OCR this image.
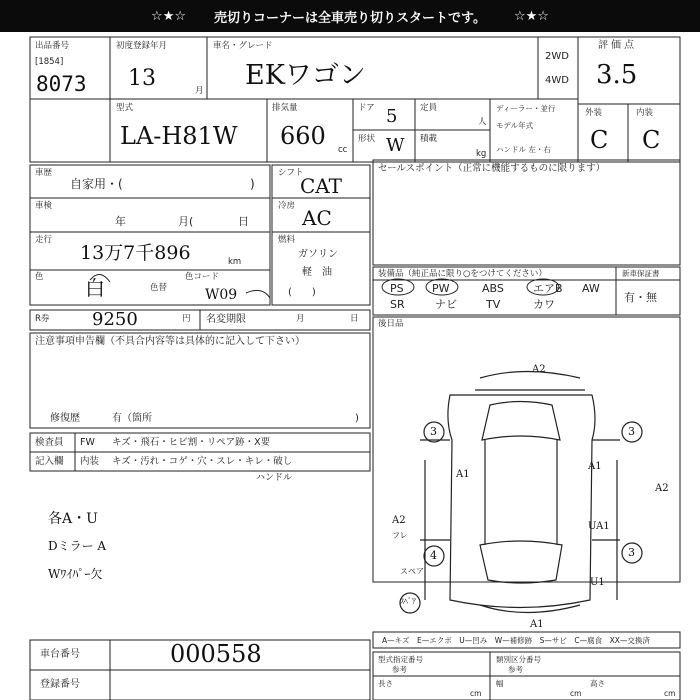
☆★☆ 売切りコーナーは全車売り切りスタートです。 ☆★☆
出品番号
[1854]
8073
初度登録年月
13	月
車名・グレード
EKワゴン
2WD
4WD
評価点
3.5
型式
LA-H81W
排気量
660 cc
ドア 5
形状 W
定員
人
積載
kg
ディーラー・並行
モデル年式
ハンドル 左・右
外装	内装
C C
車歴
自家用・(	)
車検
年	月(	日
走行
13万7千896	km
色 白	色替
色コード
W09
シフト
CAT
冷房 AC
燃料
ガソリン
軽　油
(　　)
セールスポイント（正常に機能するものに限ります）
装備品（純正品に限り○をつけてください）	新車保証書
PS	PW	ABS	エアB AW
SR	ナビ	TV	カワ
有・無
R券 9250	円 名変期限	月	日 後日品
注意事項申告欄（不具合内容等は具体的に記入して下さい）
修復歴	有（箇所	)
検査員
記入欄
FW キズ・飛石・ヒビ割・リペア跡・X要
内装 キズ・汚れ・コゲ・穴・スレ・キレ・破し
ハンドル
各A・U
Dミラー A
Wﾜｲﾊﾟｰ欠
A2
A1
A1
UA1
U1
A2
A2
A1
3	3
4	3
スペア
ｽﾍﾟｱ
フレ
A—キズ　E—エクボ　U—凹み　W—補修跡　S—サビ　C—腐食　XX—交換済
車台番号	000558
登録番号
型式指定番号
参考
類別区分番号
参考
長さ
cm
幅
cm
高さ
cm
